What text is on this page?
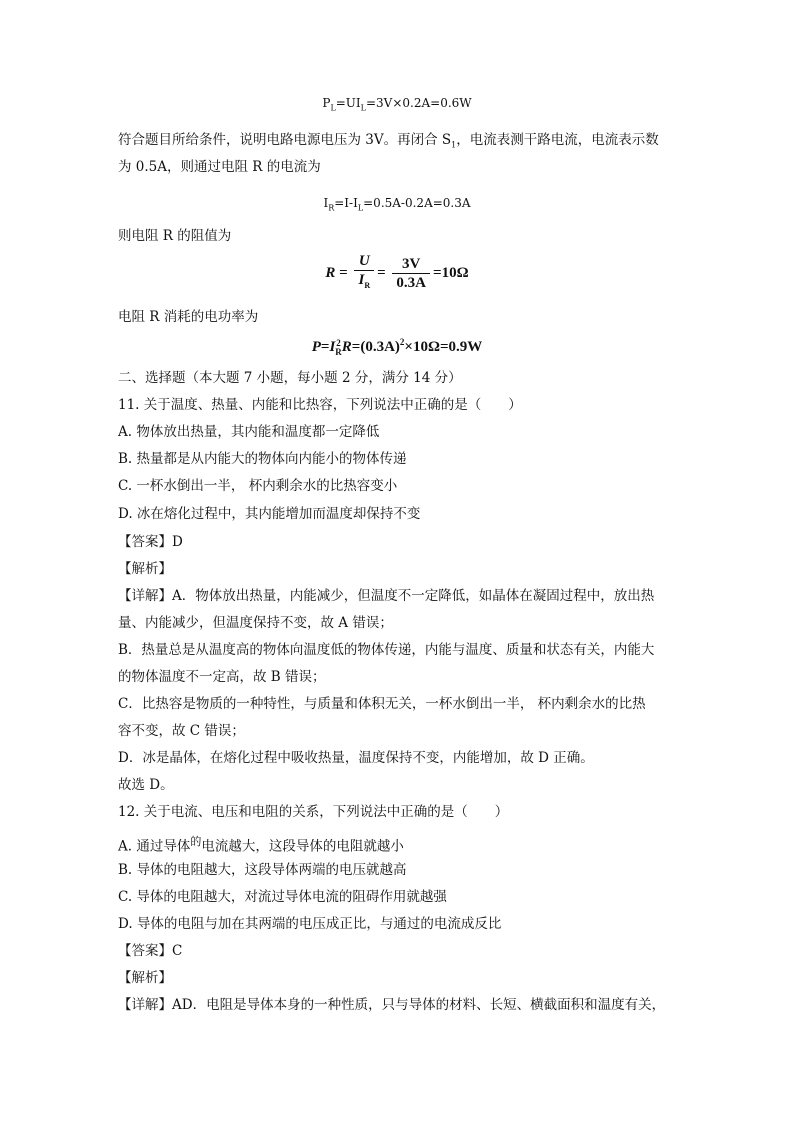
$P_L=UI_L=3V\times 0.2A=0.6W$
符合题目所给条件，说明电路电源电压为 3V。再闭合 $S_1$，电流表测干路电流，电流表示数
为 0.5A，则通过电阻 R 的电流为
$I_R=I-I_L=0.5A-0.2A=0.3A$
则电阻 R 的阻值为
$R = \frac{U}{I_R} = \frac{3V}{0.3A} =10\Omega$
电阻 R 消耗的电功率为
P=I 2
R $R=(0.3A)^2\times 10\Omega=0.9W$
二、选择题（本大题 7 小题，每小题 2 分，满分 14 分）
11. 关于温度、热量、内能和比热容，下列说法中正确的是（　　）
A. 物体放出热量，其内能和温度都一定降低
B. 热量都是从内能大的物体向内能小的物体传递
C. 一杯水倒出一半， 杯内剩余水的比热容变小
D. 冰在熔化过程中，其内能增加而温度却保持不变
【答案】D
【解析】
【详解】A．物体放出热量，内能减少，但温度不一定降低，如晶体在凝固过程中，放出热
量、内能减少，但温度保持不变，故 A 错误；
B．热量总是从温度高的物体向温度低的物体传递，内能与温度、质量和状态有关，内能大
的物体温度不一定高，故 B 错误；
C．比热容是物质的一种特性，与质量和体积无关，一杯水倒出一半， 杯内剩余水的比热
容不变，故 C 错误；
D．冰是晶体，在熔化过程中吸收热量，温度保持不变，内能增加，故 D 正确。
故选 D。
12. 关于电流、电压和电阻的关系，下列说法中正确的是（　　）
A. 通过导体$^的$电流越大，这段导体的电阻就越小
B. 导体的电阻越大，这段导体两端的电压就越高
C. 导体的电阻越大，对流过导体电流的阻碍作用就越强
D. 导体的电阻与加在其两端的电压成正比，与通过的电流成反比
【答案】C
【解析】
【详解】AD．电阻是导体本身的一种性质，只与导体的材料、长短、横截面积和温度有关，
